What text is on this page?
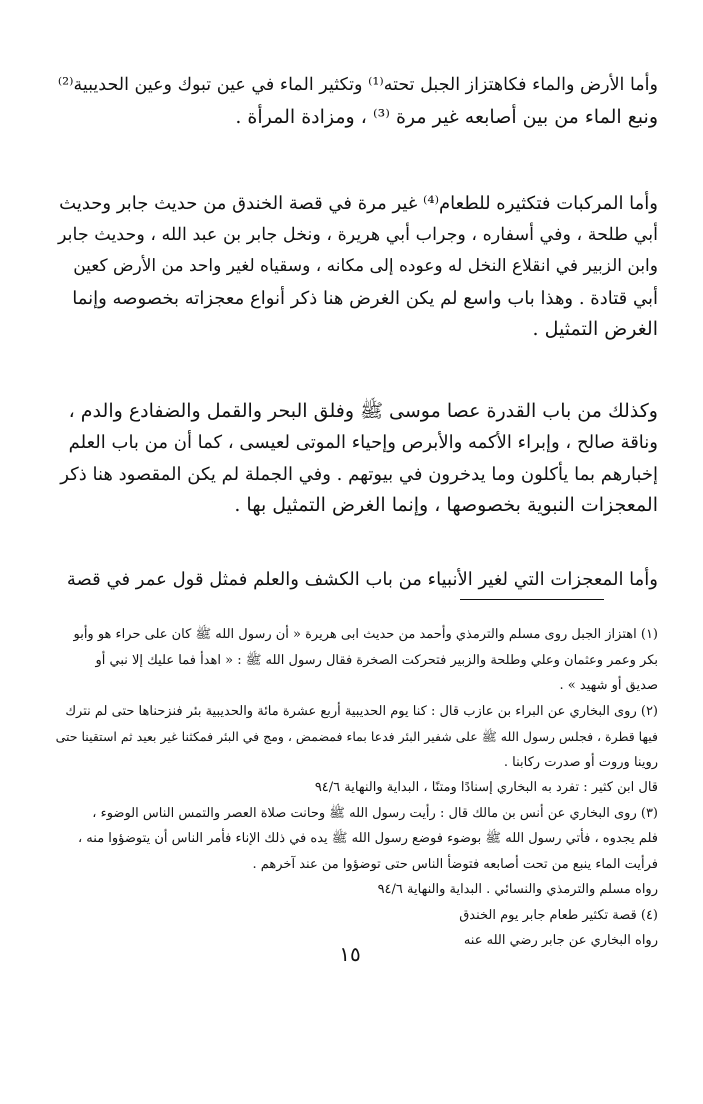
وأما الأرض والماء فكاهتزاز الجبل تحته⁽¹⁾ وتكثير الماء في عين تبوك وعين الحديبية⁽²⁾
ونبع الماء من بين أصابعه غير مرة ⁽³⁾ ، ومزادة المرأة .

وأما المركبات فتكثيره للطعام⁽⁴⁾ غير مرة في قصة الخندق من حديث جابر وحديث
أبي طلحة ، وفي أسفاره ، وجراب أبي هريرة ، ونخل جابر بن عبد الله ، وحديث جابر
وابن الزبير في انقلاع النخل له وعوده إلى مكانه ، وسقياه لغير واحد من الأرض كعين
أبي قتادة . وهذا باب واسع لم يكن الغرض هنا ذكر أنواع معجزاته بخصوصه وإنما
الغرض التمثيل .

وكذلك من باب القدرة عصا موسى ﷺ وفلق البحر والقمل والضفادع والدم ،
وناقة صالح ، وإبراء الأكمه والأبرص وإحياء الموتى لعيسى ، كما أن من باب العلم
إخبارهم بما يأكلون وما يدخرون في بيوتهم . وفي الجملة لم يكن المقصود هنا ذكر
المعجزات النبوية بخصوصها ، وإنما الغرض التمثيل بها .

وأما المعجزات التي لغير الأنبياء من باب الكشف والعلم فمثل قول عمر في قصة

(١) اهتزاز الجبل روى مسلم والترمذي وأحمد من حديث ابى هريرة « أن رسول الله ﷺ كان على حراء هو وأبو
بكر وعمر وعثمان وعلي وطلحة والزبير فتحركت الصخرة فقال رسول الله ﷺ : « اهدأ فما عليك إلا نبي أو
صديق أو شهيد » .

(٢) روى البخاري عن البراء بن عازب قال : كنا يوم الحديبية أربع عشرة مائة والحديبية بئر فنزحناها حتى لم نترك
فيها قطرة ، فجلس رسول الله ﷺ على شفير البئر فدعا بماء فمضمض ، ومج في البئر فمكثنا غير بعيد ثم استقينا حتى
روينا وروت أو صدرت ركابنا .

قال ابن كثير : تفرد به البخاري إسنادًا ومتنًا ، البداية والنهاية ٩٤/٦

(٣) روى البخاري عن أنس بن مالك قال : رأيت رسول الله ﷺ وحانت صلاة العصر والتمس الناس الوضوء ،
فلم يجدوه ، فأتي رسول الله ﷺ بوضوء فوضع رسول الله ﷺ يده في ذلك الإناء فأمر الناس أن يتوضؤوا منه ،
فرأيت الماء ينبع من تحت أصابعه فتوضأ الناس حتى توضؤوا من عند آخرهم .

رواه مسلم والترمذي والنسائي . البداية والنهاية ٩٤/٦

(٤) قصة تكثير طعام جابر يوم الخندق

رواه البخاري عن جابر رضي الله عنه

١٥
